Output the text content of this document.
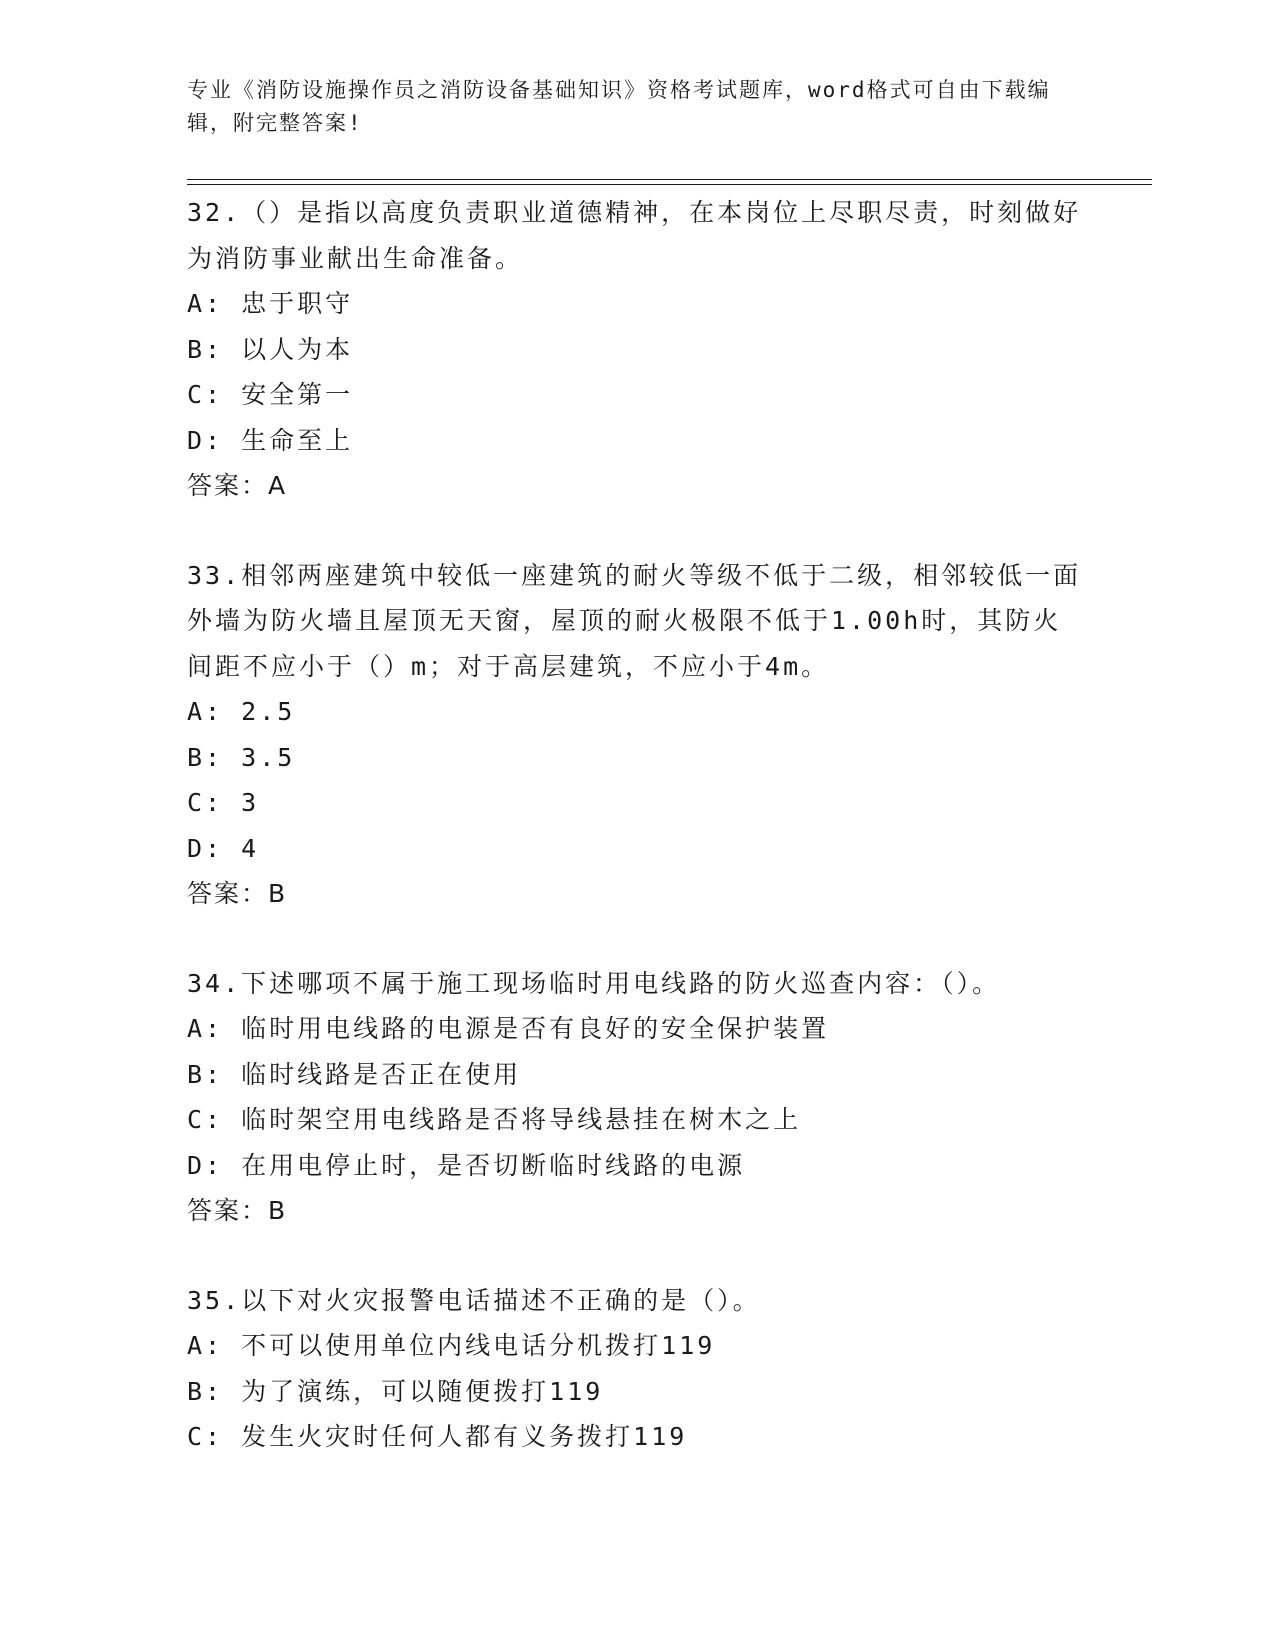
专业《消防设施操作员之消防设备基础知识》资格考试题库，word格式可自由下载编辑，附完整答案!

32.（）是指以高度负责职业道德精神，在本岗位上尽职尽责，时刻做好为消防事业献出生命准备。

A: 忠于职守

B: 以人为本

C: 安全第一

D: 生命至上

答案：A

33.相邻两座建筑中较低一座建筑的耐火等级不低于二级，相邻较低一面外墙为防火墙且屋顶无天窗，屋顶的耐火极限不低于1.00h时，其防火间距不应小于（）m；对于高层建筑，不应小于4m。

A: 2.5

B: 3.5

C: 3

D: 4

答案：B

34.下述哪项不属于施工现场临时用电线路的防火巡查内容：（）。

A: 临时用电线路的电源是否有良好的安全保护装置

B: 临时线路是否正在使用

C: 临时架空用电线路是否将导线悬挂在树木之上

D: 在用电停止时，是否切断临时线路的电源

答案：B

35.以下对火灾报警电话描述不正确的是（）。

A: 不可以使用单位内线电话分机拨打119

B: 为了演练，可以随便拨打119

C: 发生火灾时任何人都有义务拨打119
